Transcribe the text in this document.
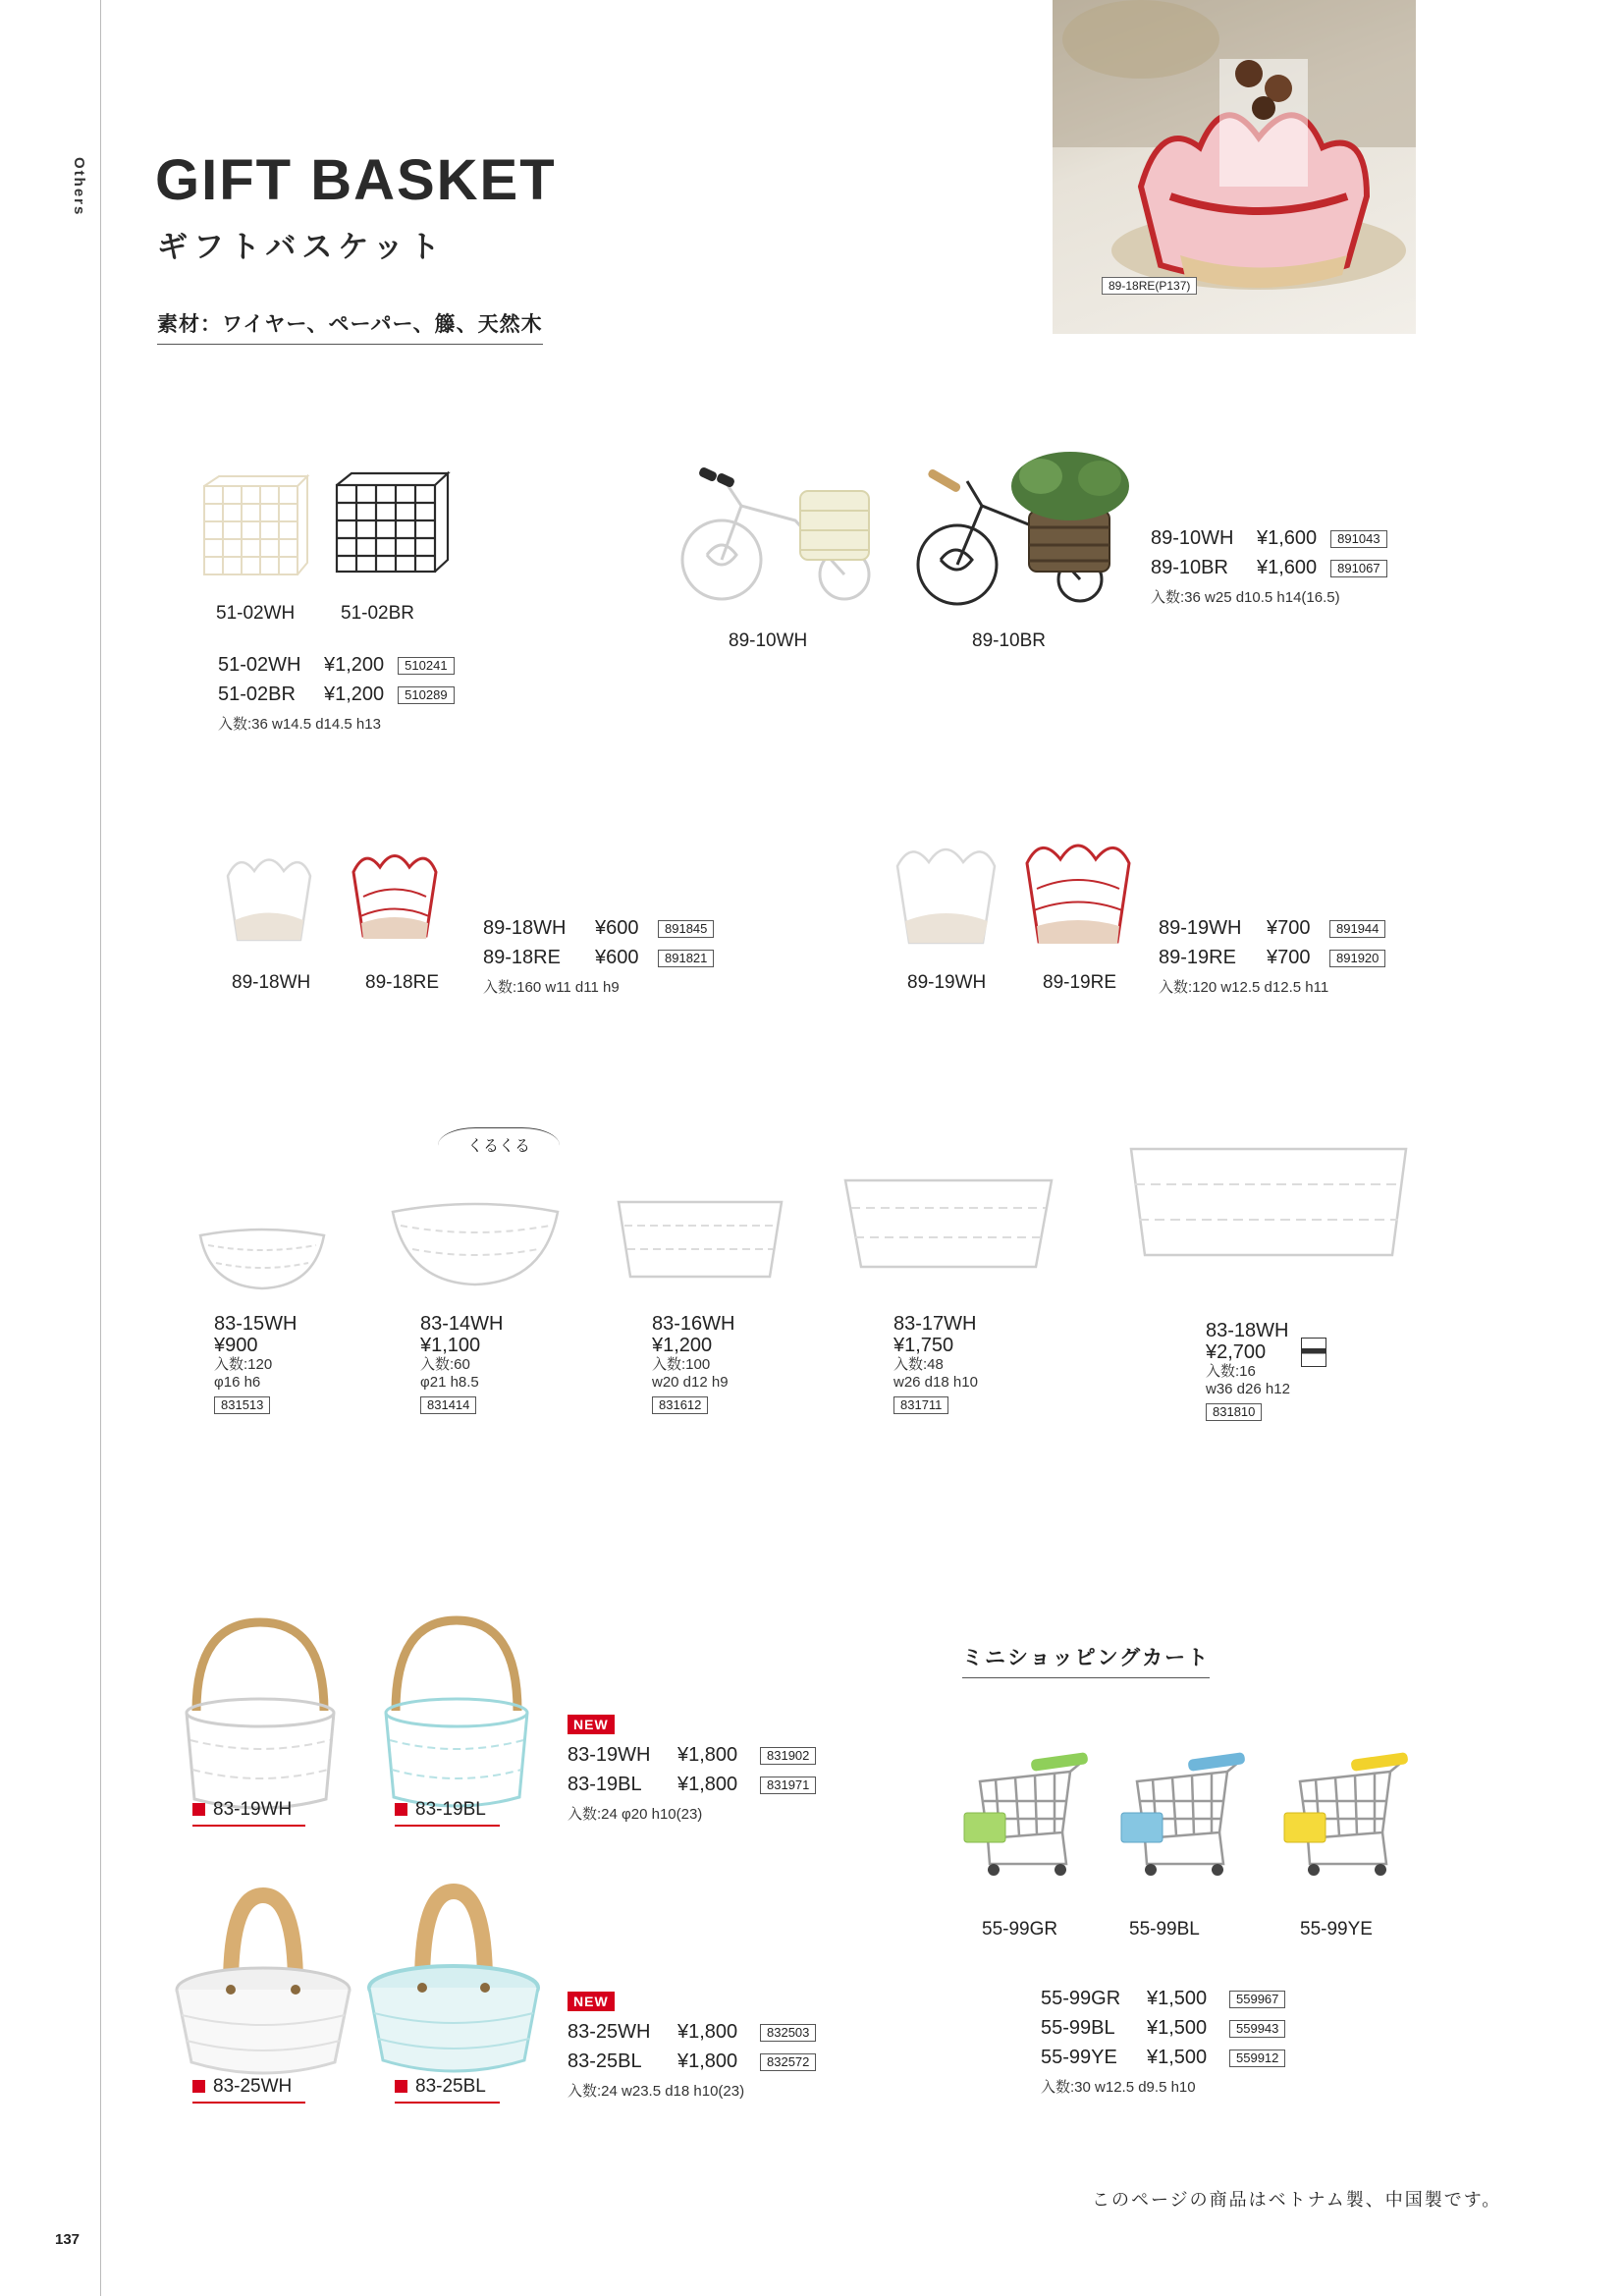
Others
137
GIFT BASKET
ギフトバスケット
素材：ワイヤー、ペーパー、籐、天然木
89-18RE(P137)
51-02WH 51-02BR
51-02WH ¥1,200 510241
51-02BR ¥1,200 510289
入数:36 w14.5 d14.5 h13
89-10WH	89-10BR
89-10WH ¥1,600 891043
89-10BR ¥1,600 891067
入数:36 w25 d10.5 h14(16.5)
89-18WH	89-18RE
89-18WH ¥600 891845
89-18RE ¥600 891821
入数:160 w11 d11 h9	89-19WH	89-19RE
89-19WH ¥700 891944
89-19RE ¥700 891920
入数:120 w12.5 d12.5 h11
くるくる
83-15WH
¥900
入数:120
φ16 h6
831513
83-14WH
¥1,100
入数:60
φ21 h8.5
831414
83-16WH
¥1,200
入数:100
w20 d12 h9
831612
83-17WH
¥1,750
入数:48
w26 d18 h10
831711
83-18WH
¥2,700
入数:16
w36 d26 h12
831810
83-19WH	83-19BL
NEW
83-19WH ¥1,800 831902
83-19BL ¥1,800 831971
入数:24 φ20 h10(23)
83-25WH	83-25BL
NEW
83-25WH ¥1,800 832503
83-25BL ¥1,800 832572
入数:24 w23.5 d18 h10(23)
ミニショッピングカート
55-99GR	55-99BL	55-99YE
55-99GR ¥1,500 559967
55-99BL ¥1,500 559943
55-99YE ¥1,500 559912
入数:30 w12.5 d9.5 h10
このページの商品はベトナム製、中国製です。
